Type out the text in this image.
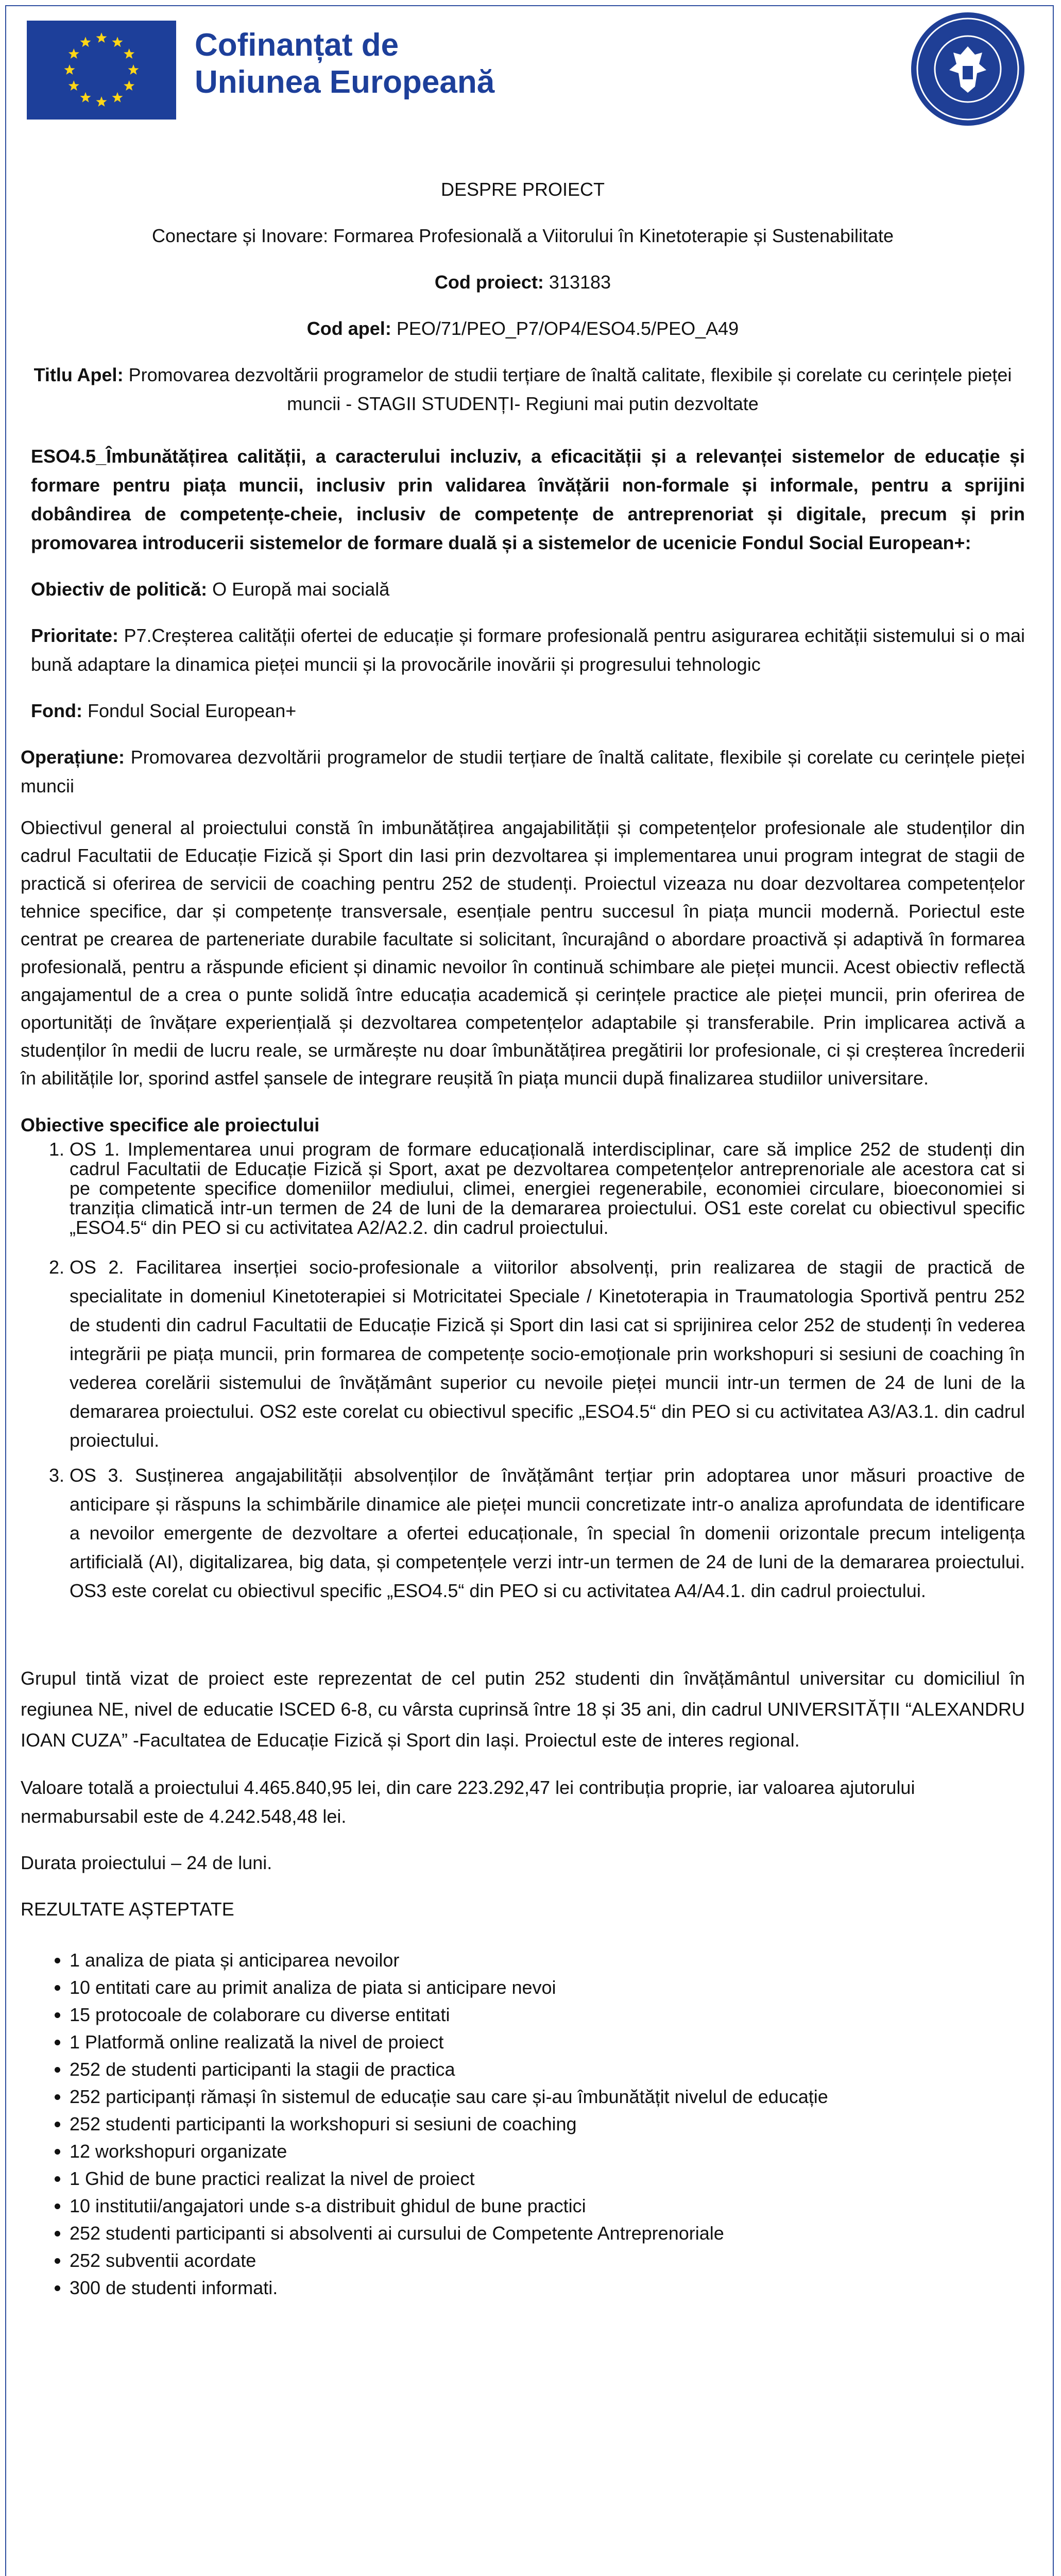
Cofinanțat de
Uniunea Europeană

DESPRE PROIECT

Conectare și Inovare: Formarea Profesională a Viitorului în Kinetoterapie și Sustenabilitate

Cod proiect: 313183

Cod apel: PEO/71/PEO_P7/OP4/ESO4.5/PEO_A49

Titlu Apel: Promovarea dezvoltării programelor de studii terțiare de înaltă calitate, flexibile și corelate cu cerințele pieței muncii - STAGII STUDENȚI- Regiuni mai putin dezvoltate

ESO4.5_Îmbunătățirea calității, a caracterului incluziv, a eficacității și a relevanței sistemelor de educație și formare pentru piața muncii, inclusiv prin validarea învățării non-formale și informale, pentru a sprijini dobândirea de competențe-cheie, inclusiv de competențe de antreprenoriat și digitale, precum și prin promovarea introducerii sistemelor de formare duală și a sistemelor de ucenicie Fondul Social European+:

Obiectiv de politică: O Europă mai socială

Prioritate: P7.Creșterea calității ofertei de educație și formare profesională pentru asigurarea echității sistemului si o mai bună adaptare la dinamica pieței muncii și la provocările inovării și progresului tehnologic

Fond: Fondul Social European+

Operațiune: Promovarea dezvoltării programelor de studii terțiare de înaltă calitate, flexibile și corelate cu cerințele pieței muncii

Obiectivul general al proiectului constă în imbunătățirea angajabilității și competențelor profesionale ale studenților din cadrul Facultatii de Educație Fizică și Sport din Iasi prin dezvoltarea și implementarea unui program integrat de stagii de practică si oferirea de servicii de coaching pentru 252 de studenți. Proiectul vizeaza nu doar dezvoltarea competențelor tehnice specifice, dar și competențe transversale, esențiale pentru succesul în piața muncii modernă. Poriectul este centrat pe crearea de parteneriate durabile facultate si solicitant, încurajând o abordare proactivă și adaptivă în formarea profesională, pentru a răspunde eficient și dinamic nevoilor în continuă schimbare ale pieței muncii. Acest obiectiv reflectă angajamentul de a crea o punte solidă între educația academică și cerințele practice ale pieței muncii, prin oferirea de oportunități de învățare experiențială și dezvoltarea competențelor adaptabile și transferabile. Prin implicarea activă a studenților în medii de lucru reale, se urmărește nu doar îmbunătățirea pregătirii lor profesionale, ci și creșterea încrederii în abilitățile lor, sporind astfel șansele de integrare reușită în piața muncii după finalizarea studiilor universitare.

Obiective specifice ale proiectului

1. OS 1. Implementarea unui program de formare educațională interdisciplinar, care să implice 252 de studenți din cadrul Facultatii de Educație Fizică și Sport, axat pe dezvoltarea competențelor antreprenoriale ale acestora cat si pe competente specifice domeniilor mediului, climei, energiei regenerabile, economiei circulare, bioeconomiei si tranziția climatică intr-un termen de 24 de luni de la demararea proiectului. OS1 este corelat cu obiectivul specific „ESO4.5“ din PEO si cu activitatea A2/A2.2. din cadrul proiectului.
2. OS 2. Facilitarea inserției socio-profesionale a viitorilor absolvenți, prin realizarea de stagii de practică de specialitate in domeniul Kinetoterapiei si Motricitatei Speciale / Kinetoterapia in Traumatologia Sportivă pentru 252 de studenti din cadrul Facultatii de Educație Fizică și Sport din Iasi cat si sprijinirea celor 252 de studenți în vederea integrării pe piața muncii, prin formarea de competențe socio-emoționale prin workshopuri si sesiuni de coaching în vederea corelării sistemului de învățământ superior cu nevoile pieței muncii intr-un termen de 24 de luni de la demararea proiectului. OS2 este corelat cu obiectivul specific „ESO4.5“ din PEO si cu activitatea A3/A3.1. din cadrul proiectului.
3. OS 3. Susținerea angajabilității absolvenților de învățământ terțiar prin adoptarea unor măsuri proactive de anticipare și răspuns la schimbările dinamice ale pieței muncii concretizate intr-o analiza aprofundata de identificare a nevoilor emergente de dezvoltare a ofertei educaționale, în special în domenii orizontale precum inteligența artificială (AI), digitalizarea, big data, și competențele verzi intr-un termen de 24 de luni de la demararea proiectului. OS3 este corelat cu obiectivul specific „ESO4.5“ din PEO si cu activitatea A4/A4.1. din cadrul proiectului.

Grupul tintă vizat de proiect este reprezentat de cel putin 252 studenti din învățământul universitar cu domiciliul în regiunea NE, nivel de educatie ISCED 6-8, cu vârsta cuprinsă între 18 și 35 ani, din cadrul UNIVERSITĂȚII “ALEXANDRU IOAN CUZA” -Facultatea de Educație Fizică și Sport din Iași. Proiectul este de interes regional.

Valoare totală a proiectului 4.465.840,95 lei, din care 223.292,47 lei contribuția proprie, iar valoarea ajutorului nermabursabil este de 4.242.548,48 lei.

Durata proiectului – 24 de luni.

REZULTATE AȘTEPTATE

• 1 analiza de piata și anticiparea nevoilor
• 10 entitati care au primit analiza de piata si anticipare nevoi
• 15 protocoale de colaborare cu diverse entitati
• 1 Platformă online realizată la nivel de proiect
• 252 de studenti participanti la stagii de practica
• 252 participanți rămași în sistemul de educație sau care și-au îmbunătățit nivelul de educație
• 252 studenti participanti la workshopuri si sesiuni de coaching
• 12 workshopuri organizate
• 1 Ghid de bune practici realizat la nivel de proiect
• 10 institutii/angajatori unde s-a distribuit ghidul de bune practici
• 252 studenti participanti si absolventi ai cursului de Competente Antreprenoriale
• 252 subventii acordate
• 300 de studenti informati.
